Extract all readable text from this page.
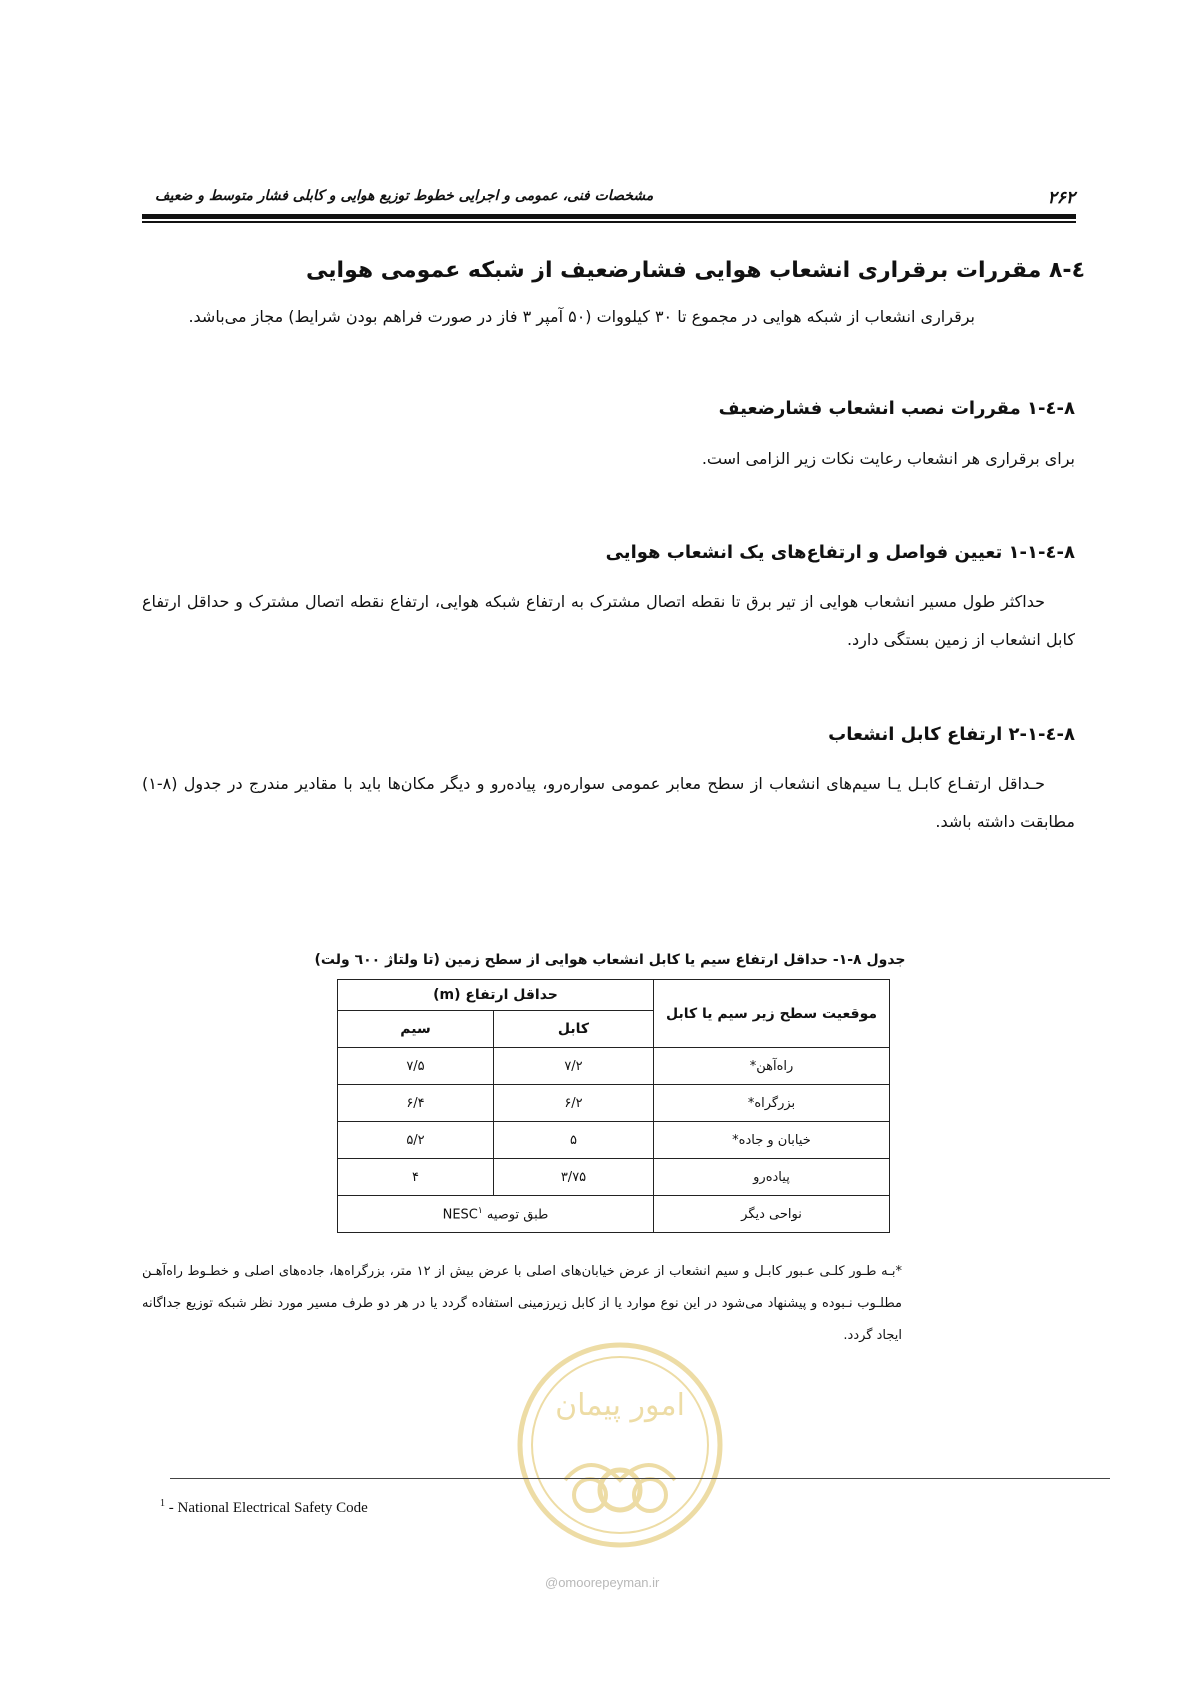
۲۶۲
مشخصات فنی، عمومی و اجرایی خطوط توزیع هوایی و کابلی فشار متوسط و ضعیف
٤-٨ مقررات برقراری انشعاب هوایی فشارضعیف از شبکه عمومی هوایی
برقراری انشعاب از شبکه هوایی در مجموع تا ۳۰ کیلووات (۵۰ آمپر ۳ فاز در صورت فراهم بودن شرایط) مجاز می‌باشد.
٨-٤-١ مقررات نصب انشعاب فشارضعیف
برای برقراری هر انشعاب رعایت نکات زیر الزامی است.
٨-٤-١-١ تعیین فواصل و ارتفاع‌های یک انشعاب هوایی
حداکثر طول مسیر انشعاب هوایی از تیر برق تا نقطه اتصال مشترک به ارتفاع شبکه هوایی، ارتفاع نقطه اتصال مشترک و حداقل ارتفاع کابل انشعاب از زمین بستگی دارد.
٨-٤-١-٢ ارتفاع کابل انشعاب
حـداقل ارتفـاع کابـل یـا سیم‌های انشعاب از سطح معابر عمومی سواره‌رو، پیاده‌رو و دیگر مکان‌ها باید با مقادیر مندرج در جدول (٨-١) مطابقت داشته باشد.
جدول ٨-١- حداقل ارتفاع سیم یا کابل انشعاب هوایی از سطح زمین (تا ولتاژ ٦٠٠ ولت)
موقعیت سطح زیر سیم یا کابل	حداقل ارتفاع (m)	
	کابل	سیم
راه‌آهن*	۷/۲	۷/۵
بزرگراه*	۶/۲	۶/۴
خیابان و جاده*	۵	۵/۲
پیاده‌رو	۳/۷۵	۴
نواحی دیگر	طبق توصیه NESC$^۱$
*بـه طـور کلـی عـبور کابـل و سیم انشعاب از عرض خیابان‌های اصلی با عرض بیش از ۱۲ متر، بزرگراه‌ها، جاده‌های اصلی و خطـوط راه‌آهـن مطلـوب نـبوده و پیشنهاد می‌شود در این نوع موارد یا از کابل زیرزمینی استفاده گردد یا در هر دو طرف مسیر مورد نظر شبکه توزیع جداگانه ایجاد گردد.
امور پیمان
@omoorepeyman.ir
$^1$ - National Electrical Safety Code
